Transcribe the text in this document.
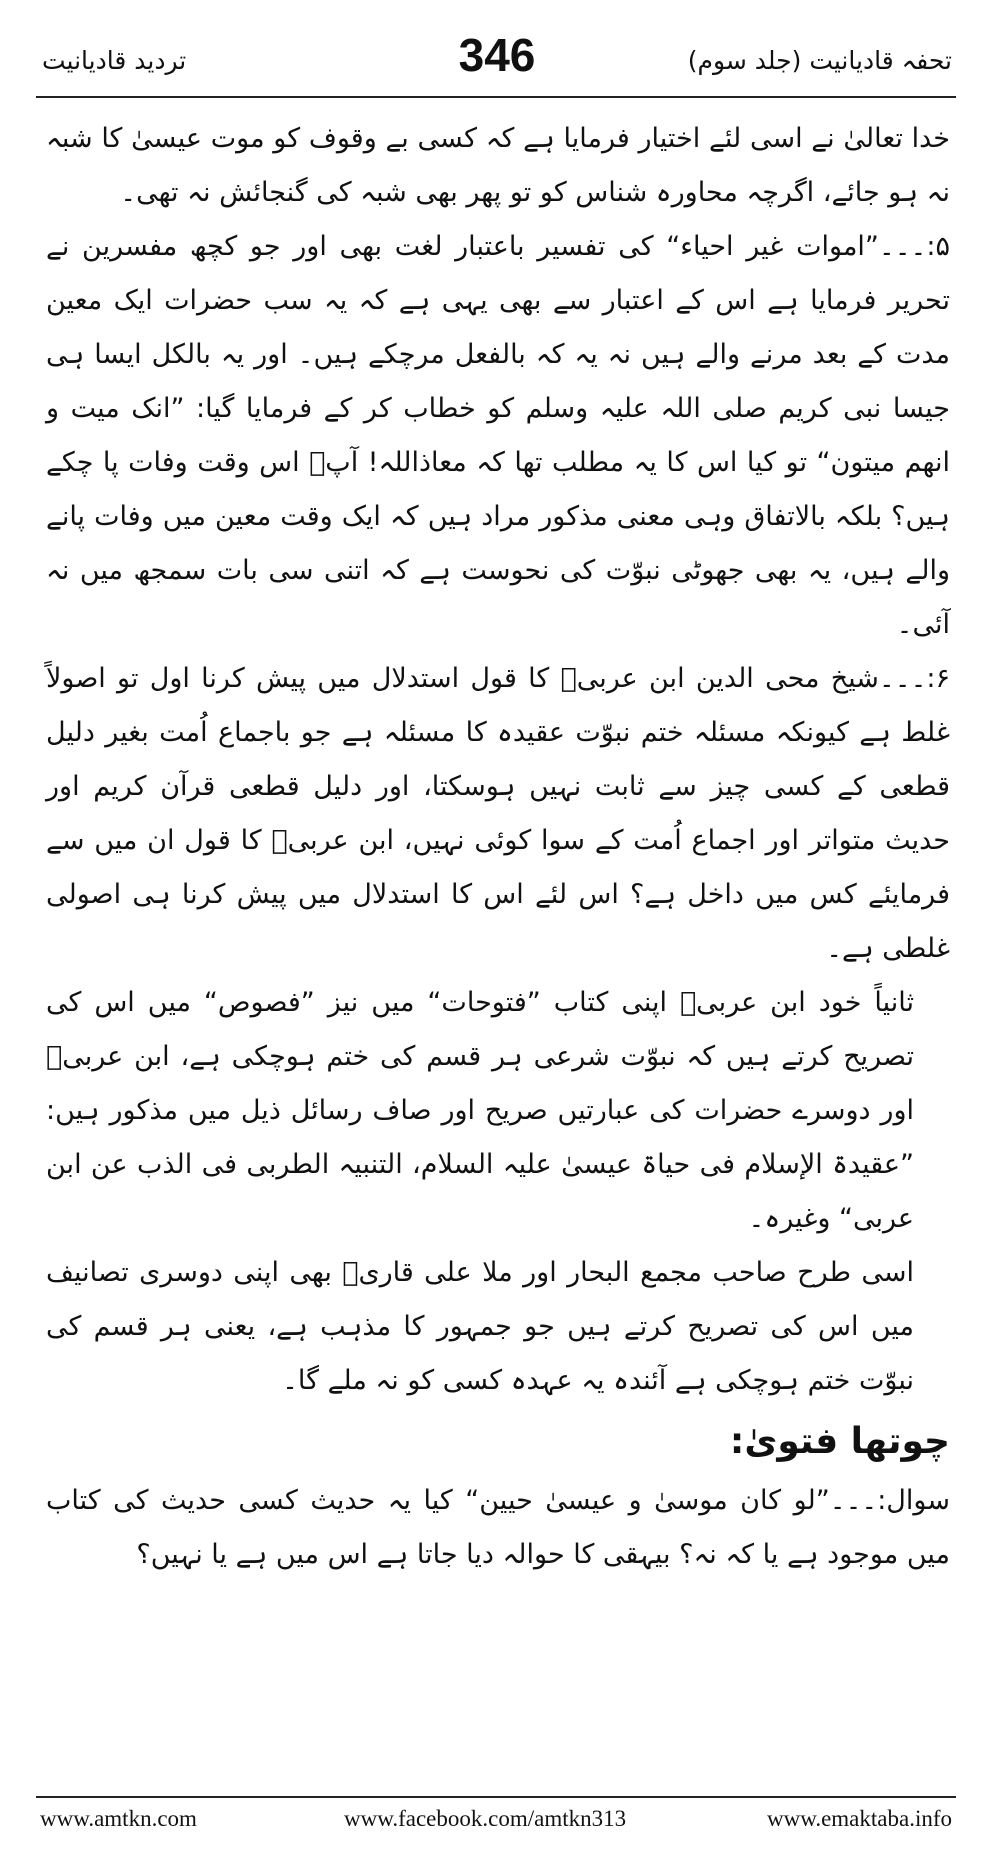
تردید قادیانیت	346	تحفہ قادیانیت (جلد سوم)

خدا تعالیٰ نے اسی لئے اختیار فرمایا ہے کہ کسی بے وقوف کو موت عیسیٰ کا شبہ نہ ہو جائے، اگرچہ محاورہ شناس کو تو پھر بھی شبہ کی گنجائش نہ تھی۔

۵:۔۔۔”اموات غیر احیاء“ کی تفسیر باعتبار لغت بھی اور جو کچھ مفسرین نے تحریر فرمایا ہے اس کے اعتبار سے بھی یہی ہے کہ یہ سب حضرات ایک معین مدت کے بعد مرنے والے ہیں نہ یہ کہ بالفعل مرچکے ہیں۔ اور یہ بالکل ایسا ہی جیسا نبی کریم صلی اللہ علیہ وسلم کو خطاب کر کے فرمایا گیا: ”انک میت و انھم میتون“ تو کیا اس کا یہ مطلب تھا کہ معاذاللہ! آپؐ اس وقت وفات پا چکے ہیں؟ بلکہ بالاتفاق وہی معنی مذکور مراد ہیں کہ ایک وقت معین میں وفات پانے والے ہیں، یہ بھی جھوٹی نبوّت کی نحوست ہے کہ اتنی سی بات سمجھ میں نہ آئی۔

۶:۔۔۔شیخ محی الدین ابن عربیؒ کا قول استدلال میں پیش کرنا اول تو اصولاً غلط ہے کیونکہ مسئلہ ختم نبوّت عقیدہ کا مسئلہ ہے جو باجماع اُمت بغیر دلیل قطعی کے کسی چیز سے ثابت نہیں ہوسکتا، اور دلیل قطعی قرآن کریم اور حدیث متواتر اور اجماع اُمت کے سوا کوئی نہیں، ابن عربیؒ کا قول ان میں سے فرمایئے کس میں داخل ہے؟ اس لئے اس کا استدلال میں پیش کرنا ہی اصولی غلطی ہے۔

ثانیاً خود ابن عربیؒ اپنی کتاب ”فتوحات“ میں نیز ”فصوص“ میں اس کی تصریح کرتے ہیں کہ نبوّت شرعی ہر قسم کی ختم ہوچکی ہے، ابن عربیؒ اور دوسرے حضرات کی عبارتیں صریح اور صاف رسائل ذیل میں مذکور ہیں: ”عقیدۃ الإسلام فی حیاۃ عیسیٰ علیہ السلام، التنبیہ الطربی فی الذب عن ابن عربی“ وغیرہ۔

اسی طرح صاحب مجمع البحار اور ملا علی قاریؒ بھی اپنی دوسری تصانیف میں اس کی تصریح کرتے ہیں جو جمہور کا مذہب ہے، یعنی ہر قسم کی نبوّت ختم ہوچکی ہے آئندہ یہ عہدہ کسی کو نہ ملے گا۔

چوتھا فتویٰ:

سوال:۔۔۔”لو کان موسیٰ و عیسیٰ حیین“ کیا یہ حدیث کسی حدیث کی کتاب میں موجود ہے یا کہ نہ؟ بیہقی کا حوالہ دیا جاتا ہے اس میں ہے یا نہیں؟

www.amtkn.com	www.facebook.com/amtkn313	www.emaktaba.info
